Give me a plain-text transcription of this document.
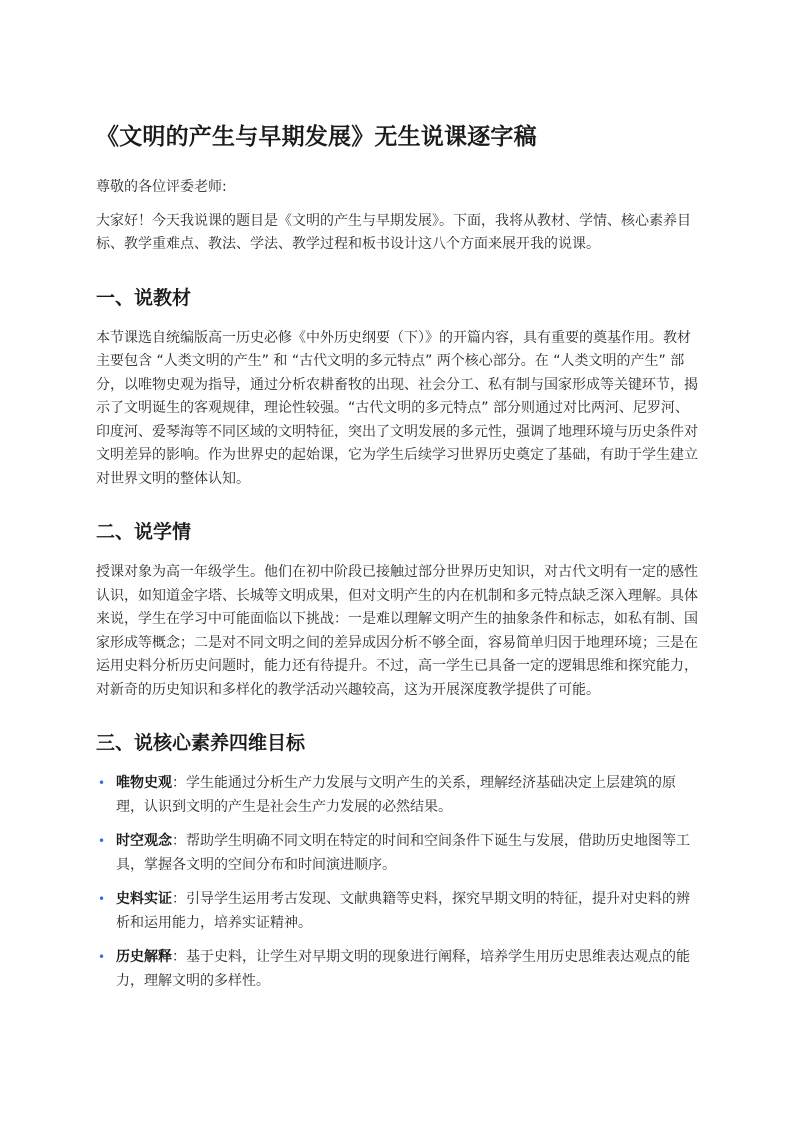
《文明的产生与早期发展》无生说课逐字稿

尊敬的各位评委老师:

大家好！今天我说课的题目是《文明的产生与早期发展》。下面，我将从教材、学情、核心素养目标、教学重难点、教法、学法、教学过程和板书设计这八个方面来展开我的说课。

一、说教材

本节课选自统编版高一历史必修《中外历史纲要（下）》的开篇内容，具有重要的奠基作用。教材主要包含 “人类文明的产生” 和 “古代文明的多元特点” 两个核心部分。在 “人类文明的产生” 部分，以唯物史观为指导，通过分析农耕畜牧的出现、社会分工、私有制与国家形成等关键环节，揭示了文明诞生的客观规律，理论性较强。“古代文明的多元特点” 部分则通过对比两河、尼罗河、印度河、爱琴海等不同区域的文明特征，突出了文明发展的多元性，强调了地理环境与历史条件对文明差异的影响。作为世界史的起始课，它为学生后续学习世界历史奠定了基础，有助于学生建立对世界文明的整体认知。

二、说学情

授课对象为高一年级学生。他们在初中阶段已接触过部分世界历史知识，对古代文明有一定的感性认识，如知道金字塔、长城等文明成果，但对文明产生的内在机制和多元特点缺乏深入理解。具体来说，学生在学习中可能面临以下挑战：一是难以理解文明产生的抽象条件和标志，如私有制、国家形成等概念；二是对不同文明之间的差异成因分析不够全面，容易简单归因于地理环境；三是在运用史料分析历史问题时，能力还有待提升。不过，高一学生已具备一定的逻辑思维和探究能力，对新奇的历史知识和多样化的教学活动兴趣较高，这为开展深度教学提供了可能。

三、说核心素养四维目标
• 唯物史观：学生能通过分析生产力发展与文明产生的关系，理解经济基础决定上层建筑的原理，认识到文明的产生是社会生产力发展的必然结果。
• 时空观念：帮助学生明确不同文明在特定的时间和空间条件下诞生与发展，借助历史地图等工具，掌握各文明的空间分布和时间演进顺序。
• 史料实证：引导学生运用考古发现、文献典籍等史料，探究早期文明的特征，提升对史料的辨析和运用能力，培养实证精神。
• 历史解释：基于史料，让学生对早期文明的现象进行阐释，培养学生用历史思维表达观点的能力，理解文明的多样性。
